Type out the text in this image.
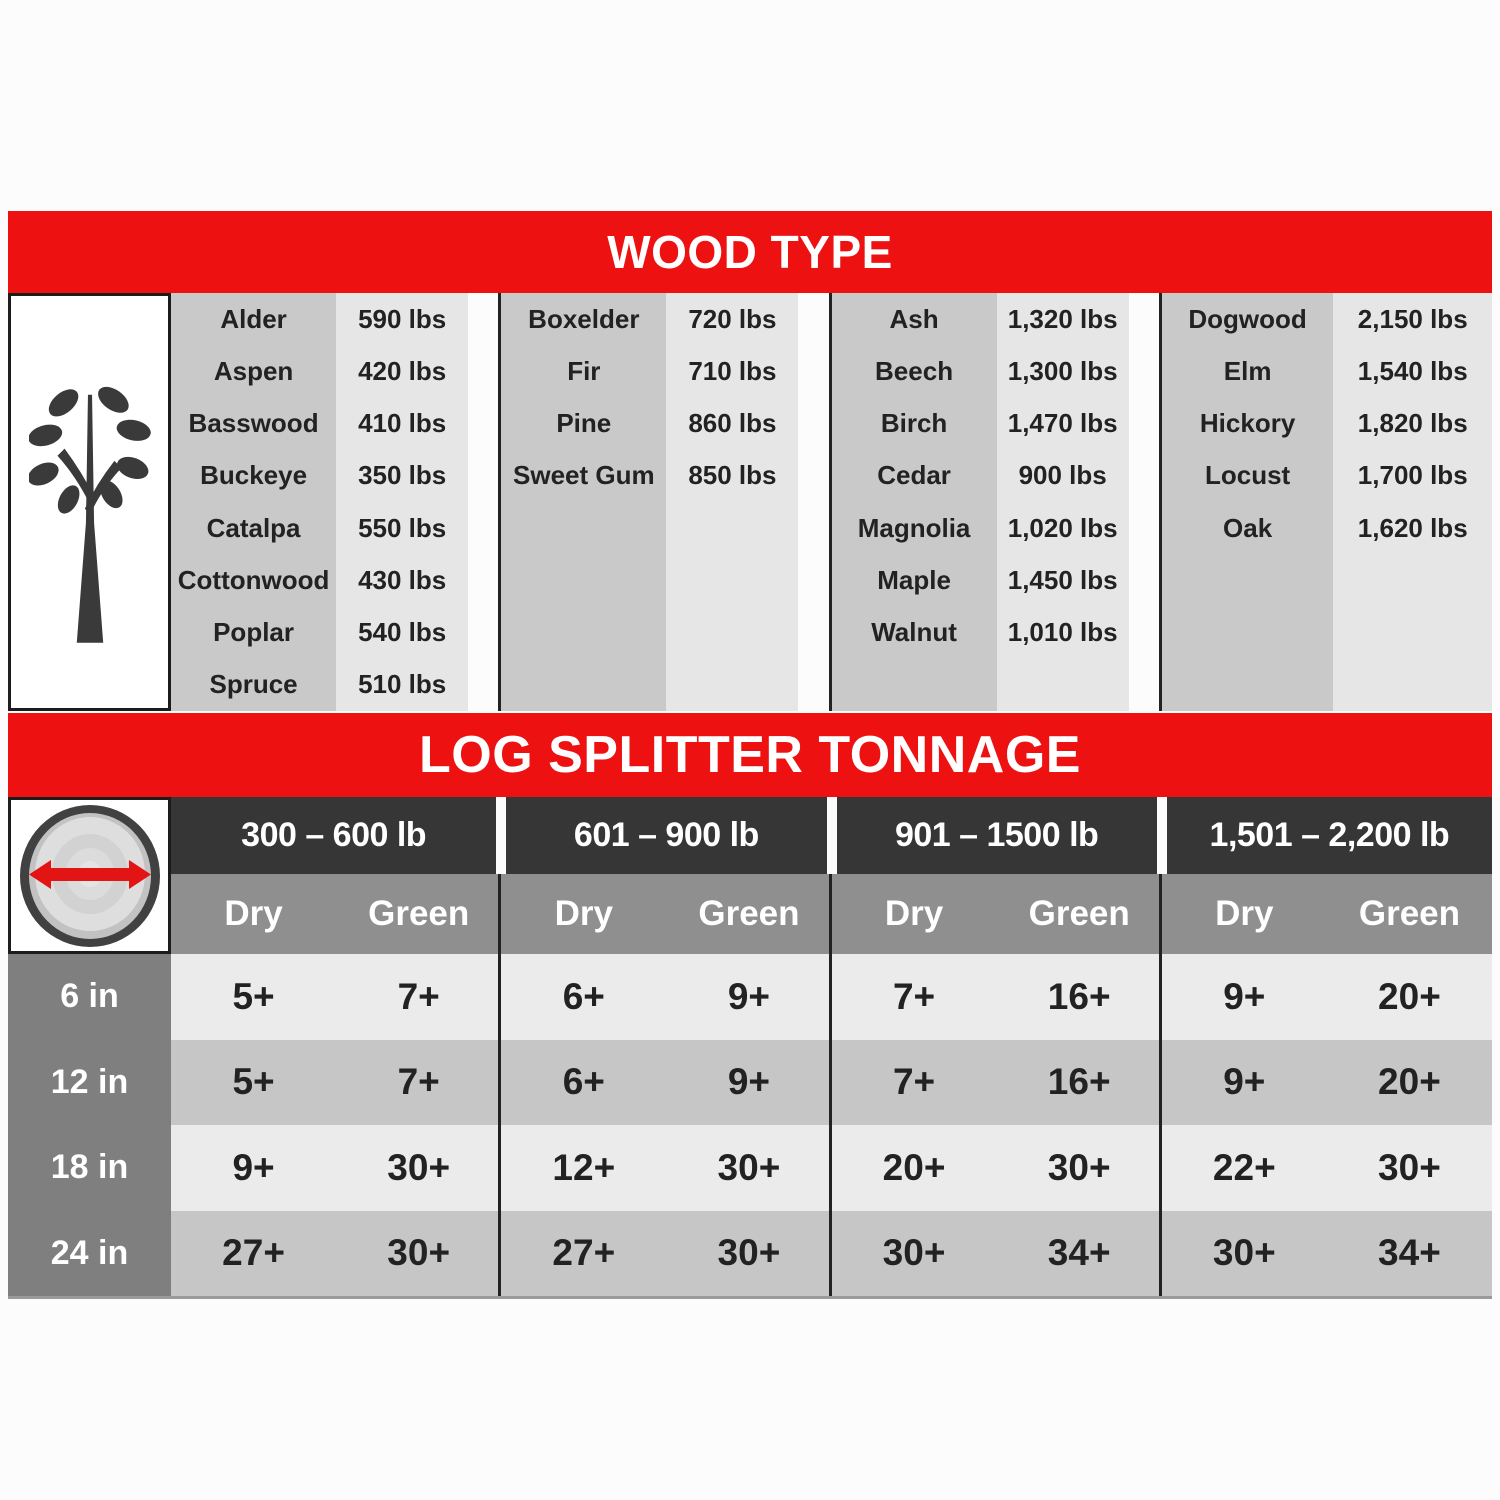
WOOD TYPE
Alder	590 lbs
Aspen	420 lbs
Basswood	410 lbs
Buckeye	350 lbs
Catalpa	550 lbs
Cottonwood	430 lbs
Poplar	540 lbs
Spruce	510 lbs
Boxelder	720 lbs
Fir	710 lbs
Pine	860 lbs
Sweet Gum	850 lbs
Ash	1,320 lbs
Beech	1,300 lbs
Birch	1,470 lbs
Cedar	900 lbs
Magnolia	1,020 lbs
Maple	1,450 lbs
Walnut	1,010 lbs
Dogwood	2,150 lbs
Elm	1,540 lbs
Hickory	1,820 lbs
Locust	1,700 lbs
Oak	1,620 lbs
LOG SPLITTER TONNAGE
300 – 600 lb	601 – 900 lb	901 – 1500 lb	1,501 – 2,200 lb
Dry	Green	Dry	Green	Dry	Green	Dry	Green
6 in	5+	7+	6+	9+	7+	16+	9+	20+
12 in	5+	7+	6+	9+	7+	16+	9+	20+
18 in	9+	30+	12+	30+	20+	30+	22+	30+
24 in	27+	30+	27+	30+	30+	34+	30+	34+
